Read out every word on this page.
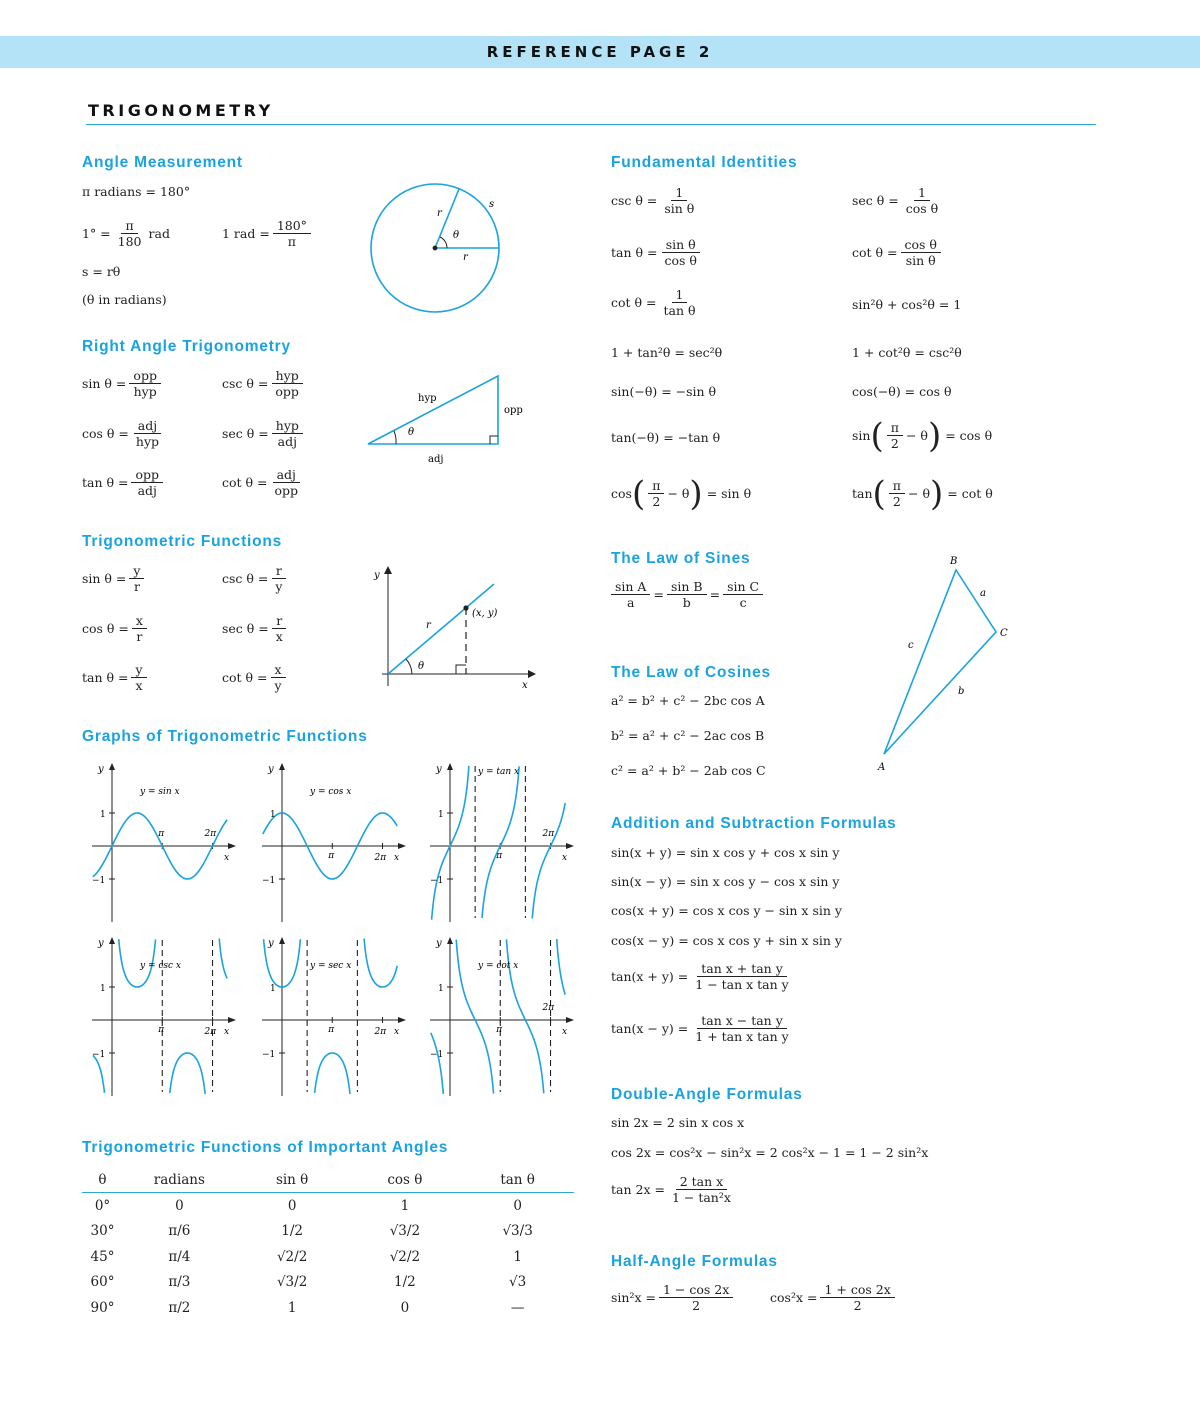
REFERENCE PAGE 2
TRIGONOMETRY
Angle Measurement
π radians = 180°
$1^\circ = \frac{\pi}{180}$ rad	1 rad = $\frac{180^\circ}{\pi}$
s = rθ
(θ in radians)
θ
r
r
s
Right Angle Trigonometry
$\sin \theta = \frac{\text{opp}}{\text{hyp}}$	$\csc \theta = \frac{\text{hyp}}{\text{opp}}$
$\cos \theta = \frac{\text{adj}}{\text{hyp}}$	$\sec \theta = \frac{\text{hyp}}{\text{adj}}$
$\tan \theta = \frac{\text{opp}}{\text{adj}}$	$\cot \theta = \frac{\text{adj}}{\text{opp}}$
θ
hyp
opp
adj
Trigonometric Functions
$\sin \theta = \frac{y}{r}$	$\csc \theta = \frac{r}{y}$
$\cos \theta = \frac{x}{r}$	$\sec \theta = \frac{r}{x}$
$\tan \theta = \frac{y}{x}$	$\cot \theta = \frac{x}{y}$	θ
r
(x, y)
y
x
Graphs of Trigonometric Functions
y
x
1
−1
π	2π
y = sin x
y
x
1
−1
π	2π
y = cos x
y
x
1
−1
π
2π
y = tan x
y
x
1
−1
π	2π
y = csc x
y
x
1
−1
π	2π
y = sec x
y
x
1
−1
π
2π
y = cot x
Trigonometric Functions of Important Angles
θ	radians	sin θ	cos θ	tan θ
0°	0	0	1	0
30°	π/6	1/2	√3/2	√3/3
45°	π/4	√2/2	√2/2	1
60°	π/3	√3/2	1/2	√3
90°	π/2	1	0	—
Fundamental Identities
$\csc \theta = \frac{1}{\text{sin θ}}$	$\sec \theta = \frac{1}{\text{cos θ}}$
$\tan \theta = \frac{\text{sin θ}}{\text{cos θ}}$	$\cot \theta = \frac{\text{cos θ}}{\text{sin θ}}$
$\cot \theta = \frac{1}{\text{tan θ}}$	sin²θ + cos²θ = 1
1 + tan²θ = sec²θ	1 + cot²θ = csc²θ
sin(−θ) = −sin θ	cos(−θ) = cos θ
tan(−θ) = −tan θ	sin ( $\frac{\pi}{2} - \theta$ ) = cos θ
cos ( $\frac{\pi}{2} - \theta$ ) = sin θ	tan ( $\frac{\pi}{2} - \theta$ ) = cot θ
The Law of Sines
$\frac{\text{sin A}}{a} = \frac{\text{sin B}}{b} = \frac{\text{sin C}}{c}$
The Law of Cosines
a² = b² + c² − 2bc cos A
b² = a² + c² − 2ac cos B
c² = a² + b² − 2ab cos C
B
C
A
a
b
c
Addition and Subtraction Formulas
sin(x + y) = sin x cos y + cos x sin y
sin(x − y) = sin x cos y − cos x sin y
cos(x + y) = cos x cos y − sin x sin y
cos(x − y) = cos x cos y + sin x sin y
$\tan(x + y) = \frac{\text{tan x + tan y}}{\text{1 − tan x tan y}}$
$\tan(x - y) = \frac{\text{tan x − tan y}}{\text{1 + tan x tan y}}$
Double-Angle Formulas
sin 2x = 2 sin x cos x
cos 2x = cos²x − sin²x = 2 cos²x − 1 = 1 − 2 sin²x
$\tan 2x = \frac{\text{2 tan x}}{\text{1 − tan²x}}$
Half-Angle Formulas
$\sin^2x = \frac{1 - \cos 2x}{2}$	$\cos^2x = \frac{1 + \cos 2x}{2}$
